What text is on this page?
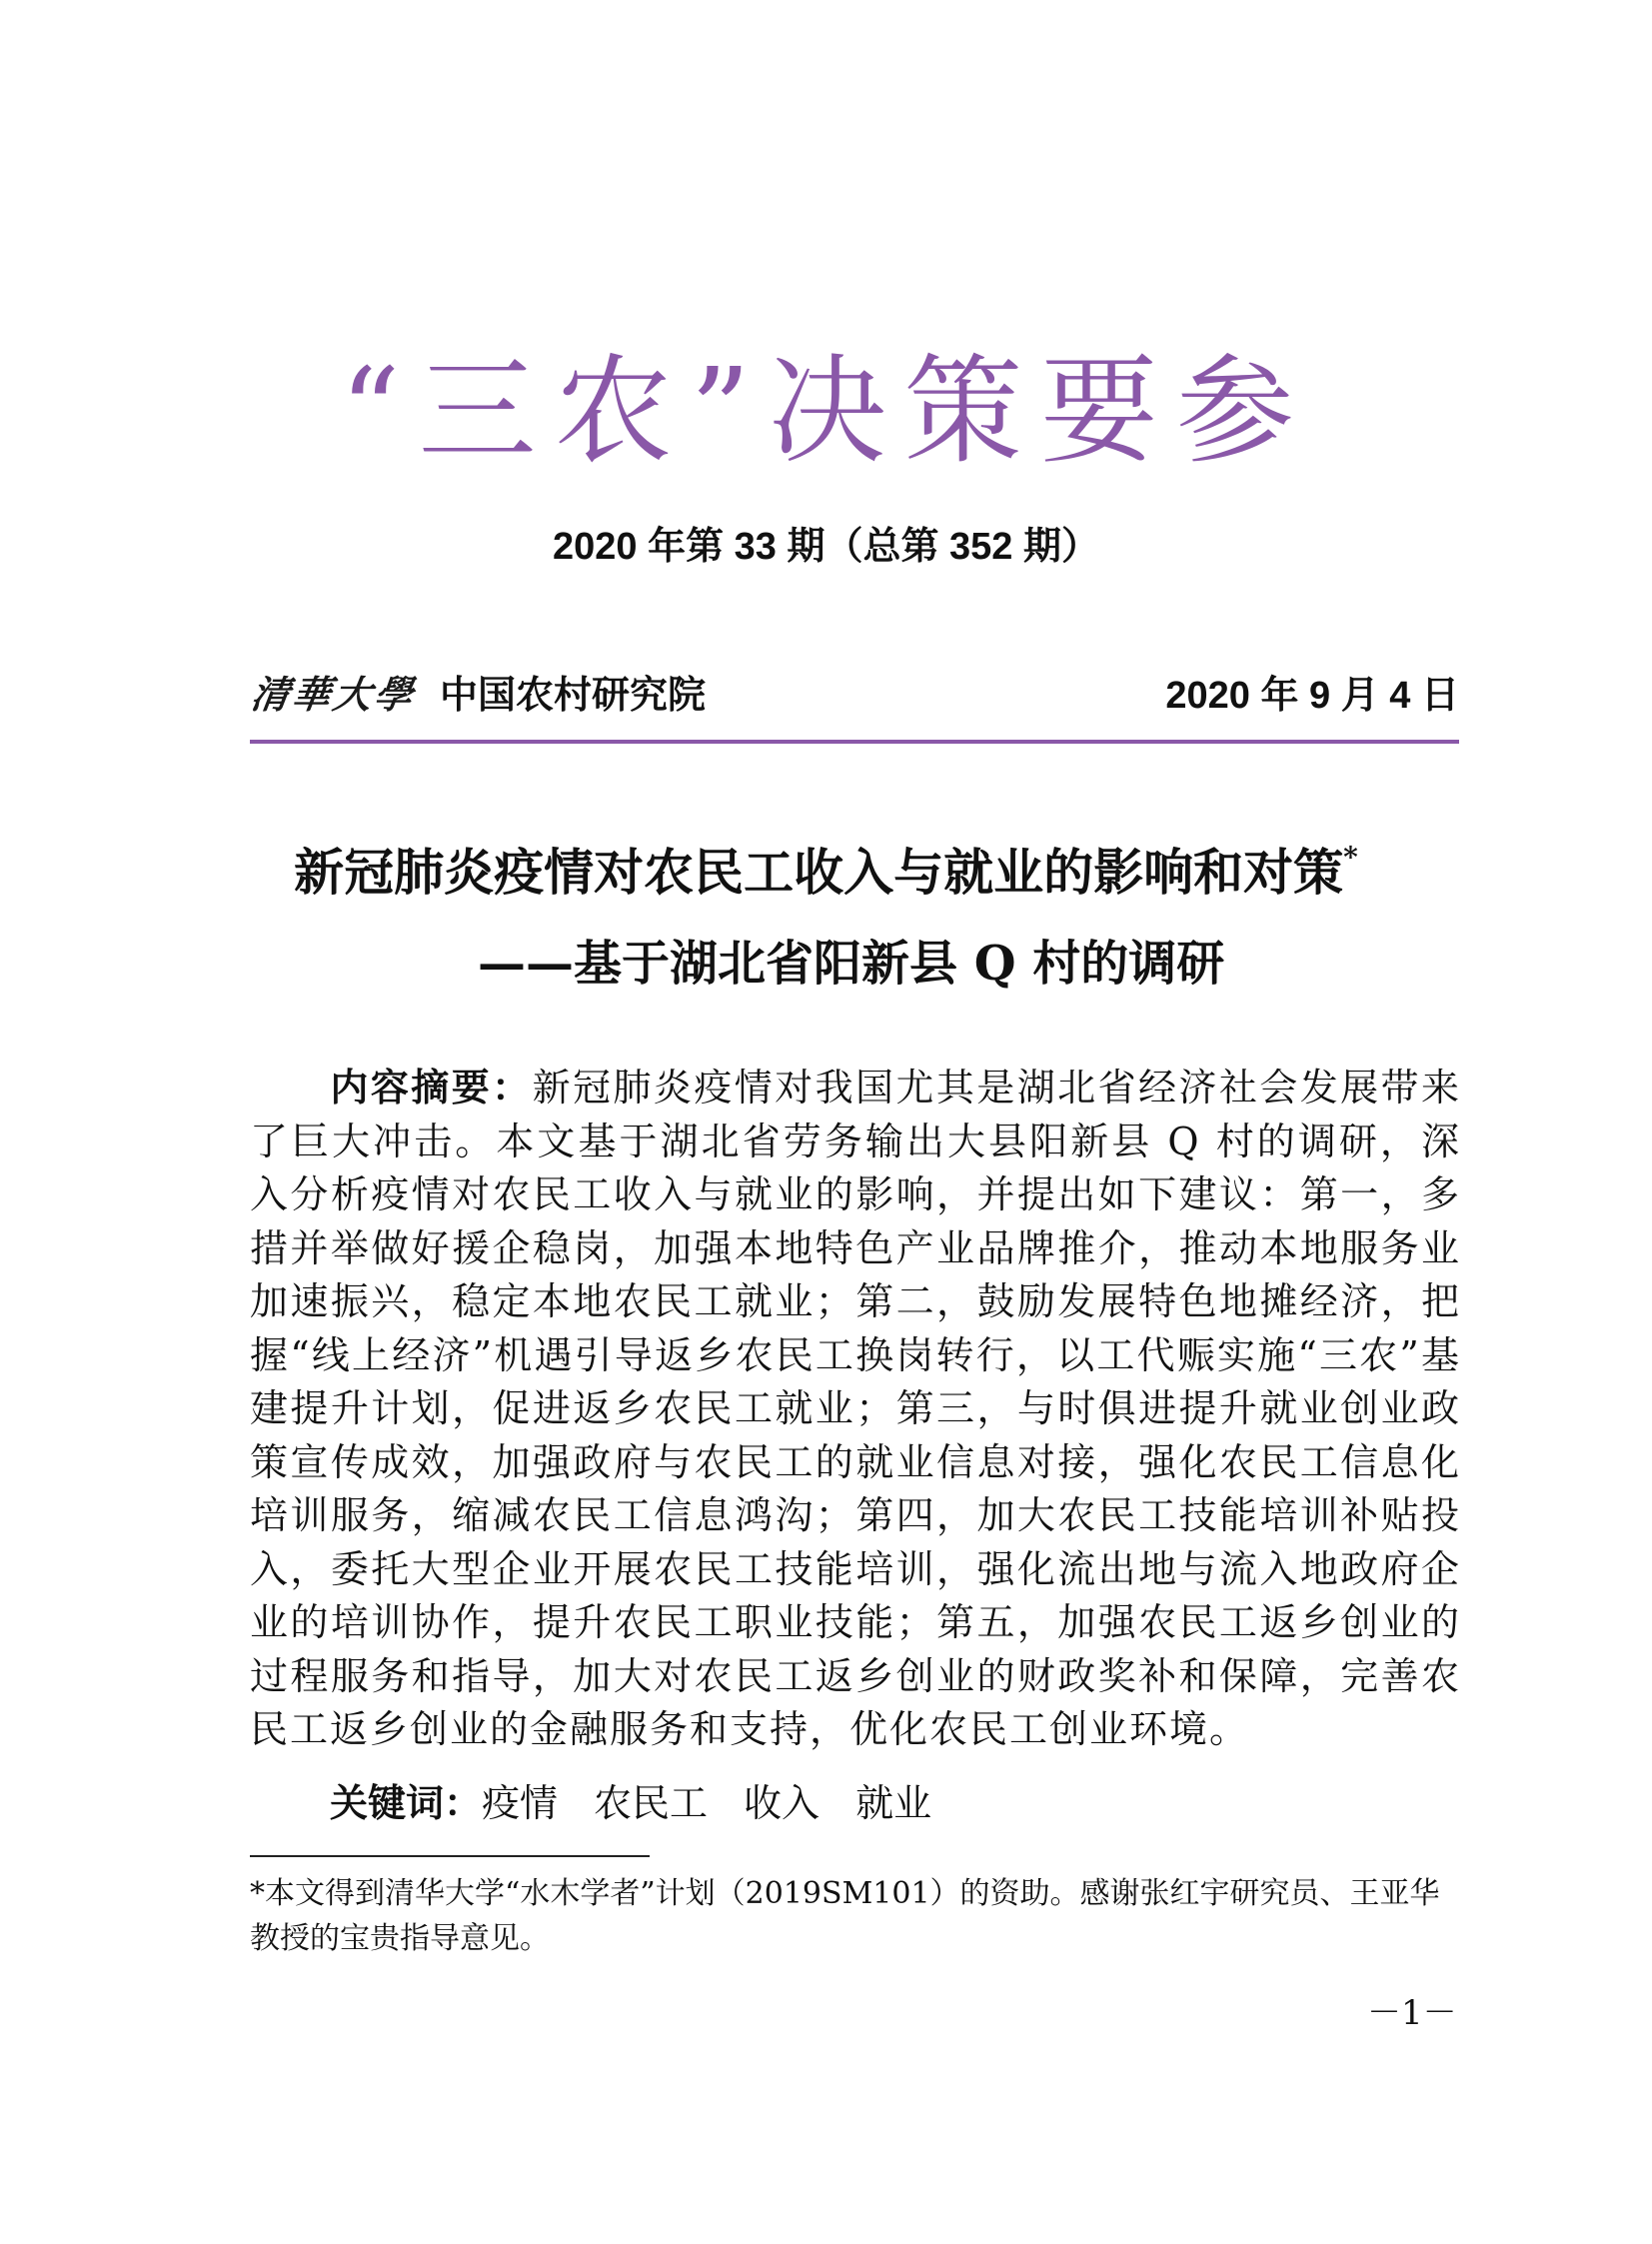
“三农”决策要参
2020 年第 33 期（总第 352 期）
清華大學 中国农村研究院	2020 年 9 月 4 日
新冠肺炎疫情对农民工收入与就业的影响和对策*
——基于湖北省阳新县 Q 村的调研
内容摘要：新冠肺炎疫情对我国尤其是湖北省经济社会发展带来了巨大冲击。本文基于湖北省劳务输出大县阳新县 Q 村的调研，深入分析疫情对农民工收入与就业的影响，并提出如下建议：第一，多措并举做好援企稳岗，加强本地特色产业品牌推介，推动本地服务业加速振兴，稳定本地农民工就业；第二，鼓励发展特色地摊经济，把握“线上经济”机遇引导返乡农民工换岗转行，以工代赈实施“三农”基建提升计划，促进返乡农民工就业；第三，与时俱进提升就业创业政策宣传成效，加强政府与农民工的就业信息对接，强化农民工信息化培训服务，缩减农民工信息鸿沟；第四，加大农民工技能培训补贴投入，委托大型企业开展农民工技能培训，强化流出地与流入地政府企业的培训协作，提升农民工职业技能；第五，加强农民工返乡创业的过程服务和指导，加大对农民工返乡创业的财政奖补和保障，完善农民工返乡创业的金融服务和支持，优化农民工创业环境。
关键词：疫情 农民工 收入 就业
*本文得到清华大学“水木学者”计划（2019SM101）的资助。感谢张红宇研究员、王亚华教授的宝贵指导意见。
－1－
